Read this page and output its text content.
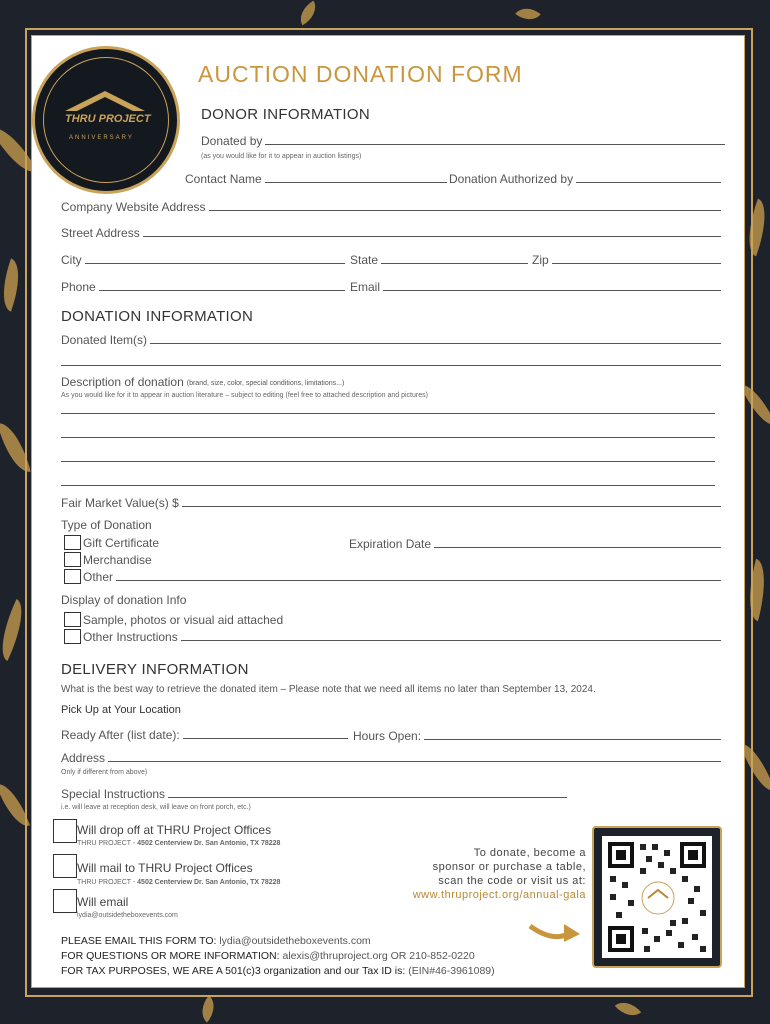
THRU PROJECT
ANNIVERSARY
AUCTION DONATION FORM
DONOR INFORMATION
Donated by
(as you would like for it to appear in auction listings)
Contact Name	Donation Authorized by
Company Website Address
Street Address
City	State	Zip
Phone	Email
DONATION INFORMATION
Donated Item(s)
Description of donation (brand, size, color, special conditions, limitations...)
As you would like for it to appear in auction literature – subject to editing (feel free to attached description and pictures)
Fair Market Value(s) $
Type of Donation
Gift Certificate	Expiration Date
Merchandise
Other
Display of donation Info
Sample, photos or visual aid attached
Other Instructions
DELIVERY INFORMATION
What is the best way to retrieve the donated item – Please note that we need all items no later than September 13, 2024.
Pick Up at Your Location
Ready After (list date):	Hours Open:
Address
Only if different from above)
Special Instructions
i.e. will leave at reception desk, will leave on front porch, etc.)
Will drop off at THRU Project Offices
THRU PROJECT - 4502 Centerview Dr. San Antonio, TX 78228
Will mail to THRU Project Offices
THRU PROJECT - 4502 Centerview Dr. San Antonio, TX 78228
Will email
lydia@outsidetheboxevents.com
To donate, become a
sponsor or purchase a table,
scan the code or visit us at:
www.thruproject.org/annual-gala
PLEASE EMAIL THIS FORM TO: lydia@outsidetheboxevents.com
FOR QUESTIONS OR MORE INFORMATION: alexis@thruproject.org OR 210-852-0220
FOR TAX PURPOSES, WE ARE A 501(c)3 organization and our Tax ID is: (EIN#46-3961089)
